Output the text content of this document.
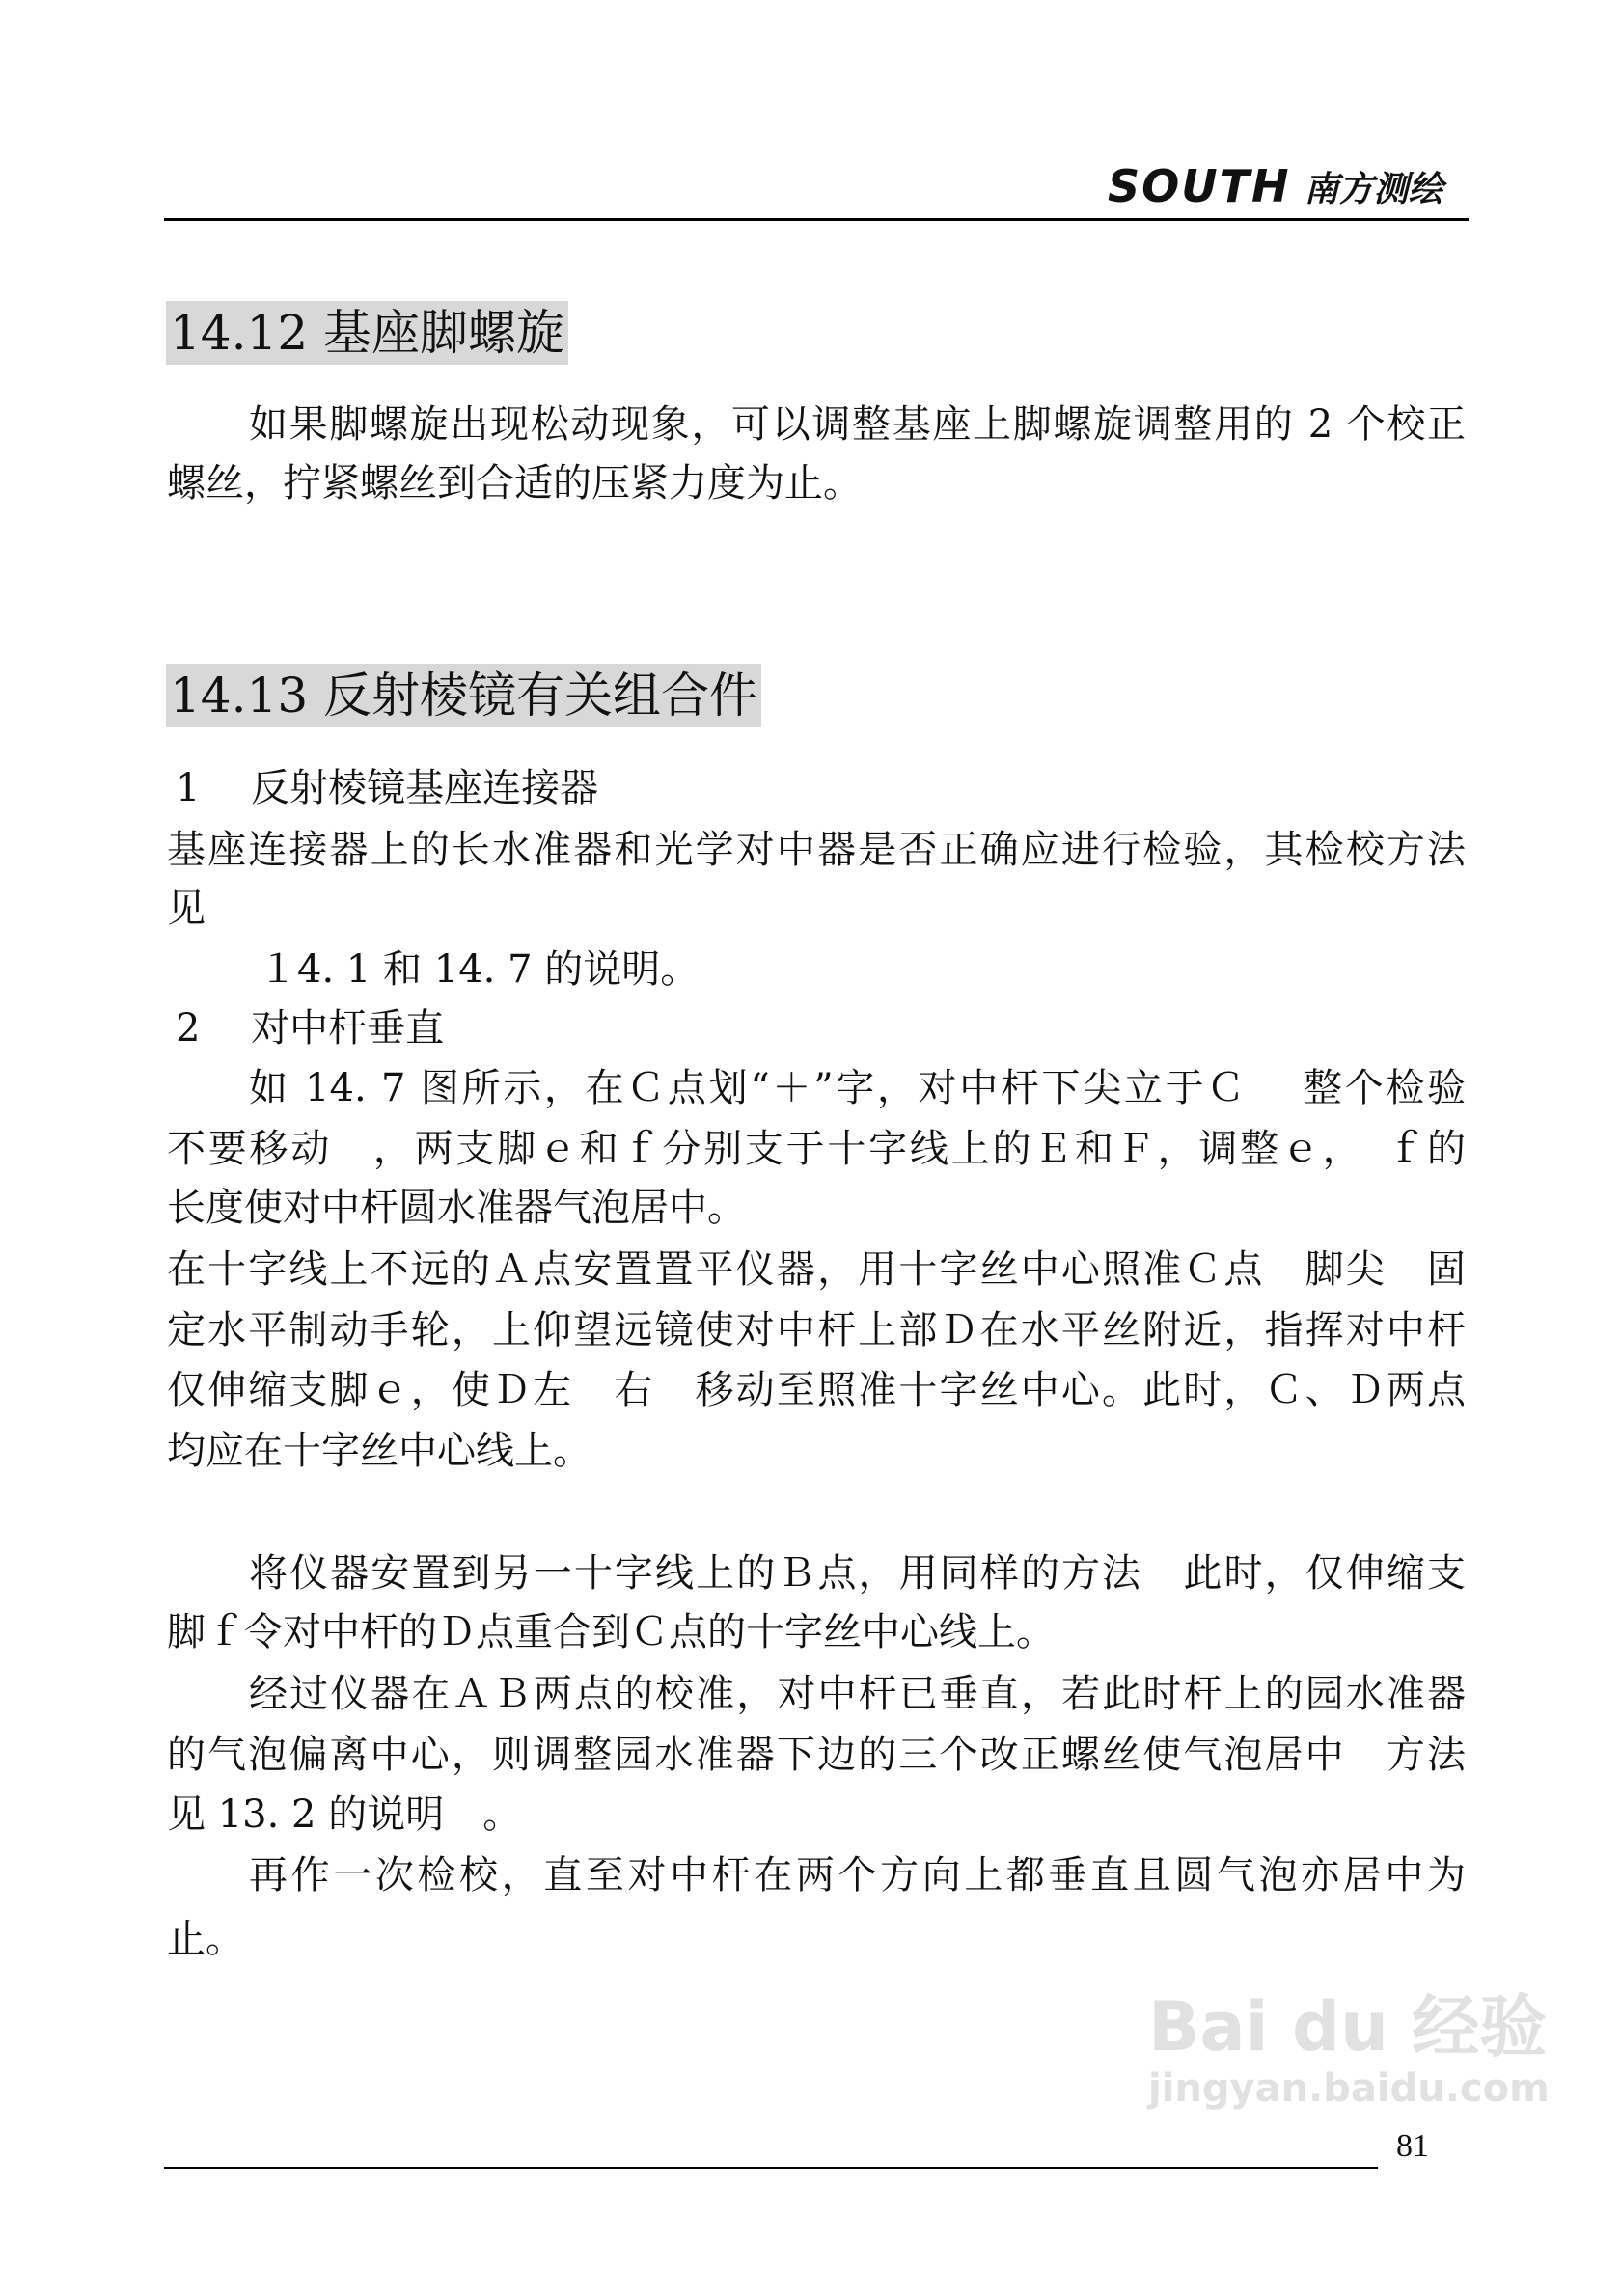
SOUTH 南方测绘
14.12 基座脚螺旋
如果脚螺旋出现松动现象，可以调整基座上脚螺旋调整用的 2 个校正
螺丝，拧紧螺丝到合适的压紧力度为止。
14.13 反射棱镜有关组合件
1　 反射棱镜基座连接器
基座连接器上的长水准器和光学对中器是否正确应进行检验，其检校方法
见
１4. 1 和 14. 7 的说明。
2　 对中杆垂直
如 14. 7 图所示，在Ｃ点划“＋”字，对中杆下尖立于Ｃ　 整个检验
不要移动　，两支脚ｅ和ｆ分别支于十字线上的Ｅ和Ｆ，调整ｅ，　ｆ的
长度使对中杆圆水准器气泡居中。
在十字线上不远的Ａ点安置置平仪器，用十字丝中心照准Ｃ点　脚尖　固
定水平制动手轮，上仰望远镜使对中杆上部Ｄ在水平丝附近，指挥对中杆
仅伸缩支脚ｅ，使Ｄ左　右　移动至照准十字丝中心。此时，Ｃ、Ｄ两点
均应在十字丝中心线上。
将仪器安置到另一十字线上的Ｂ点，用同样的方法　此时，仅伸缩支
脚ｆ令对中杆的Ｄ点重合到Ｃ点的十字丝中心线上。
经过仪器在ＡＢ两点的校准，对中杆已垂直，若此时杆上的园水准器
的气泡偏离中心，则调整园水准器下边的三个改正螺丝使气泡居中　方法
见 13. 2 的说明　。
再作一次检校，直至对中杆在两个方向上都垂直且圆气泡亦居中为
止。
Bai du 经验
jingyan.baidu.com
81
